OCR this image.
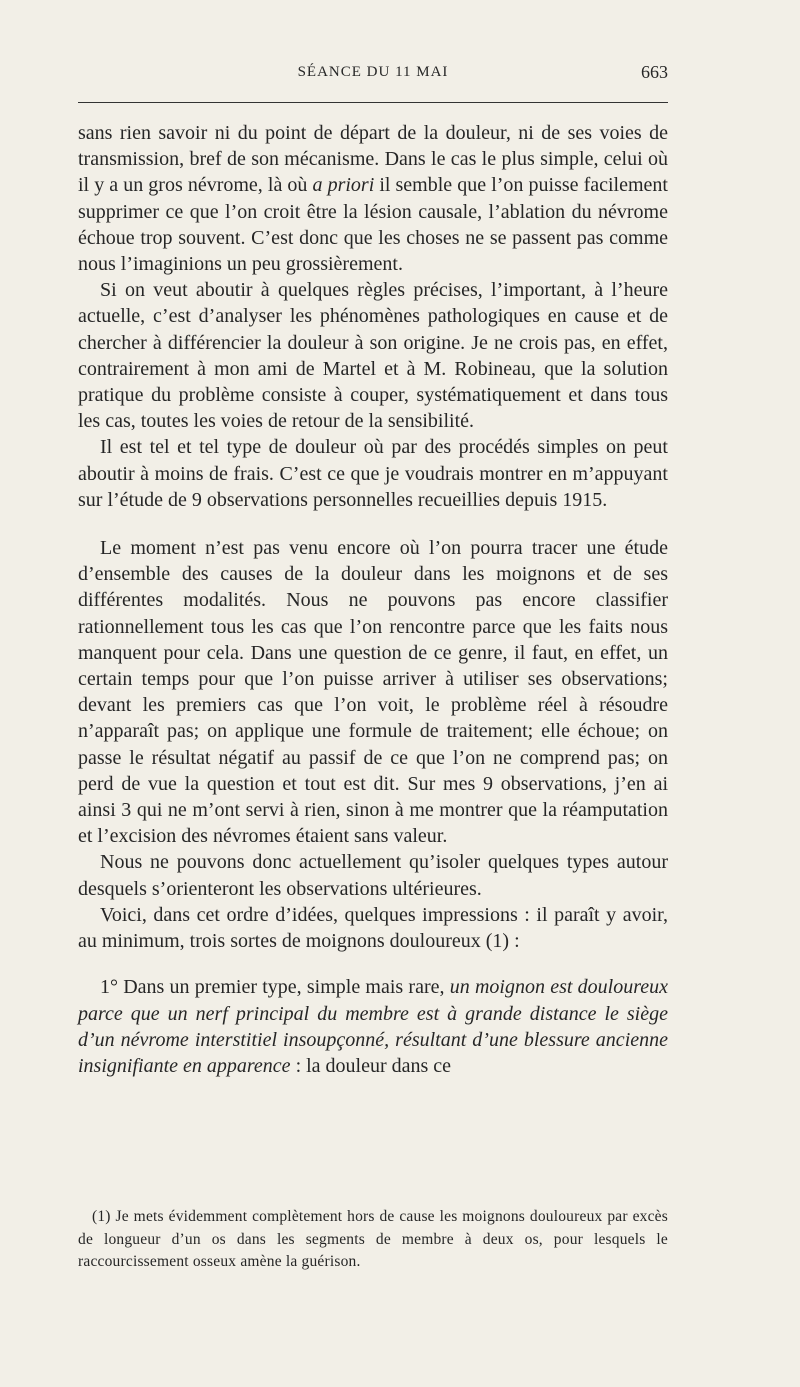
SÉANCE DU 11 MAI	663

sans rien savoir ni du point de départ de la douleur, ni de ses voies de transmission, bref de son mécanisme. Dans le cas le plus simple, celui où il y a un gros névrome, là où a priori il semble que l’on puisse facilement supprimer ce que l’on croit être la lésion causale, l’ablation du névrome échoue trop souvent. C’est donc que les choses ne se passent pas comme nous l’imaginions un peu grossièrement.

Si on veut aboutir à quelques règles précises, l’important, à l’heure actuelle, c’est d’analyser les phénomènes pathologiques en cause et de chercher à différencier la douleur à son origine. Je ne crois pas, en effet, contrairement à mon ami de Martel et à M. Robineau, que la solution pratique du problème consiste à couper, systématiquement et dans tous les cas, toutes les voies de retour de la sensibilité.

Il est tel et tel type de douleur où par des procédés simples on peut aboutir à moins de frais. C’est ce que je voudrais montrer en m’appuyant sur l’étude de 9 observations personnelles recueillies depuis 1915.

Le moment n’est pas venu encore où l’on pourra tracer une étude d’ensemble des causes de la douleur dans les moignons et de ses différentes modalités. Nous ne pouvons pas encore classifier rationnellement tous les cas que l’on rencontre parce que les faits nous manquent pour cela. Dans une question de ce genre, il faut, en effet, un certain temps pour que l’on puisse arriver à utiliser ses observations; devant les premiers cas que l’on voit, le problème réel à résoudre n’apparaît pas; on applique une formule de traitement; elle échoue; on passe le résultat négatif au passif de ce que l’on ne comprend pas; on perd de vue la question et tout est dit. Sur mes 9 observations, j’en ai ainsi 3 qui ne m’ont servi à rien, sinon à me montrer que la réamputation et l’excision des névromes étaient sans valeur.

Nous ne pouvons donc actuellement qu’isoler quelques types autour desquels s’orienteront les observations ultérieures.

Voici, dans cet ordre d’idées, quelques impressions : il paraît y avoir, au minimum, trois sortes de moignons douloureux (1) :

1° Dans un premier type, simple mais rare, un moignon est douloureux parce que un nerf principal du membre est à grande distance le siège d’un névrome interstitiel insoupçonné, résultant d’une blessure ancienne insignifiante en apparence : la douleur dans ce

(1) Je mets évidemment complètement hors de cause les moignons douloureux par excès de longueur d’un os dans les segments de membre à deux os, pour lesquels le raccourcissement osseux amène la guérison.
